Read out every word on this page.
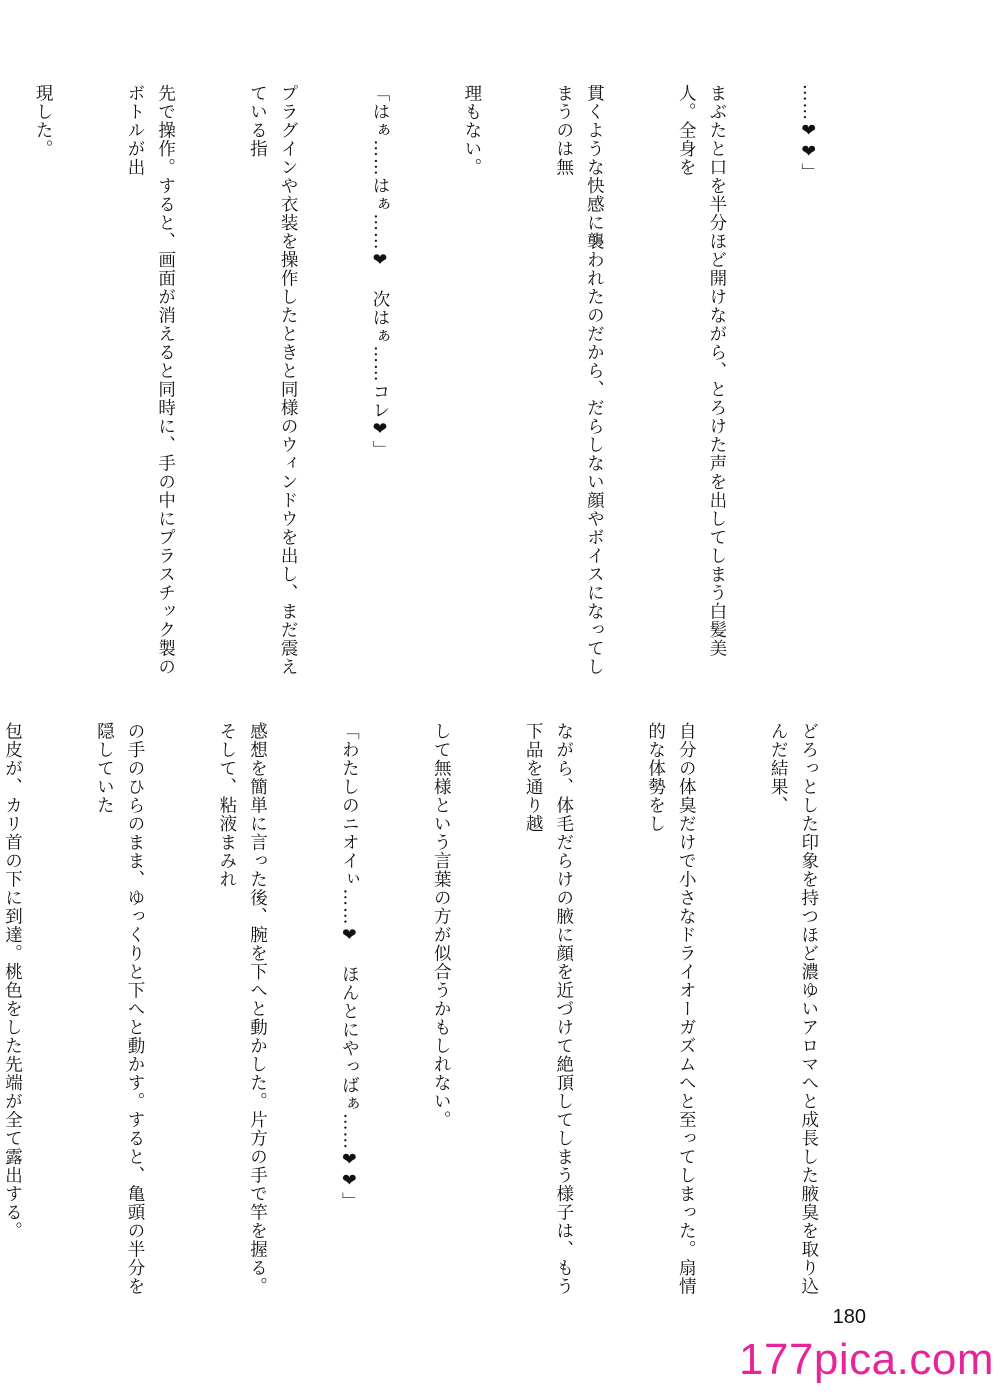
……❤❤」

まぶたと口を半分ほど開けながら、とろけた声を出してしまう白髪美人。全身を

貫くような快感に襲われたのだから、だらしない顔やボイスになってしまうのは無

理もない。

「はぁ……はぁ……❤　次はぁ……コレ❤」

プラグインや衣装を操作したときと同様のウィンドウを出し、まだ震えている指

先で操作。すると、画面が消えると同時に、手の中にプラスチック製のボトルが出

現した。

どろっとした印象を持つほど濃ゆいアロマへと成長した腋臭を取り込んだ結果、

自分の体臭だけで小さなドライオーガズムへと至ってしまった。扇情的な体勢をし

ながら、体毛だらけの腋に顔を近づけて絶頂してしまう様子は、もう下品を通り越

して無様という言葉の方が似合うかもしれない。

「わたしのニオイぃ……❤　ほんとにやっばぁ……❤❤」

感想を簡単に言った後、腕を下へと動かした。片方の手で竿を握る。そして、粘液まみれ

の手のひらのまま、ゆっくりと下へと動かす。すると、亀頭の半分を隠していた

包皮が、カリ首の下に到達。桃色をした先端が全て露出する。

180
177pica.com
